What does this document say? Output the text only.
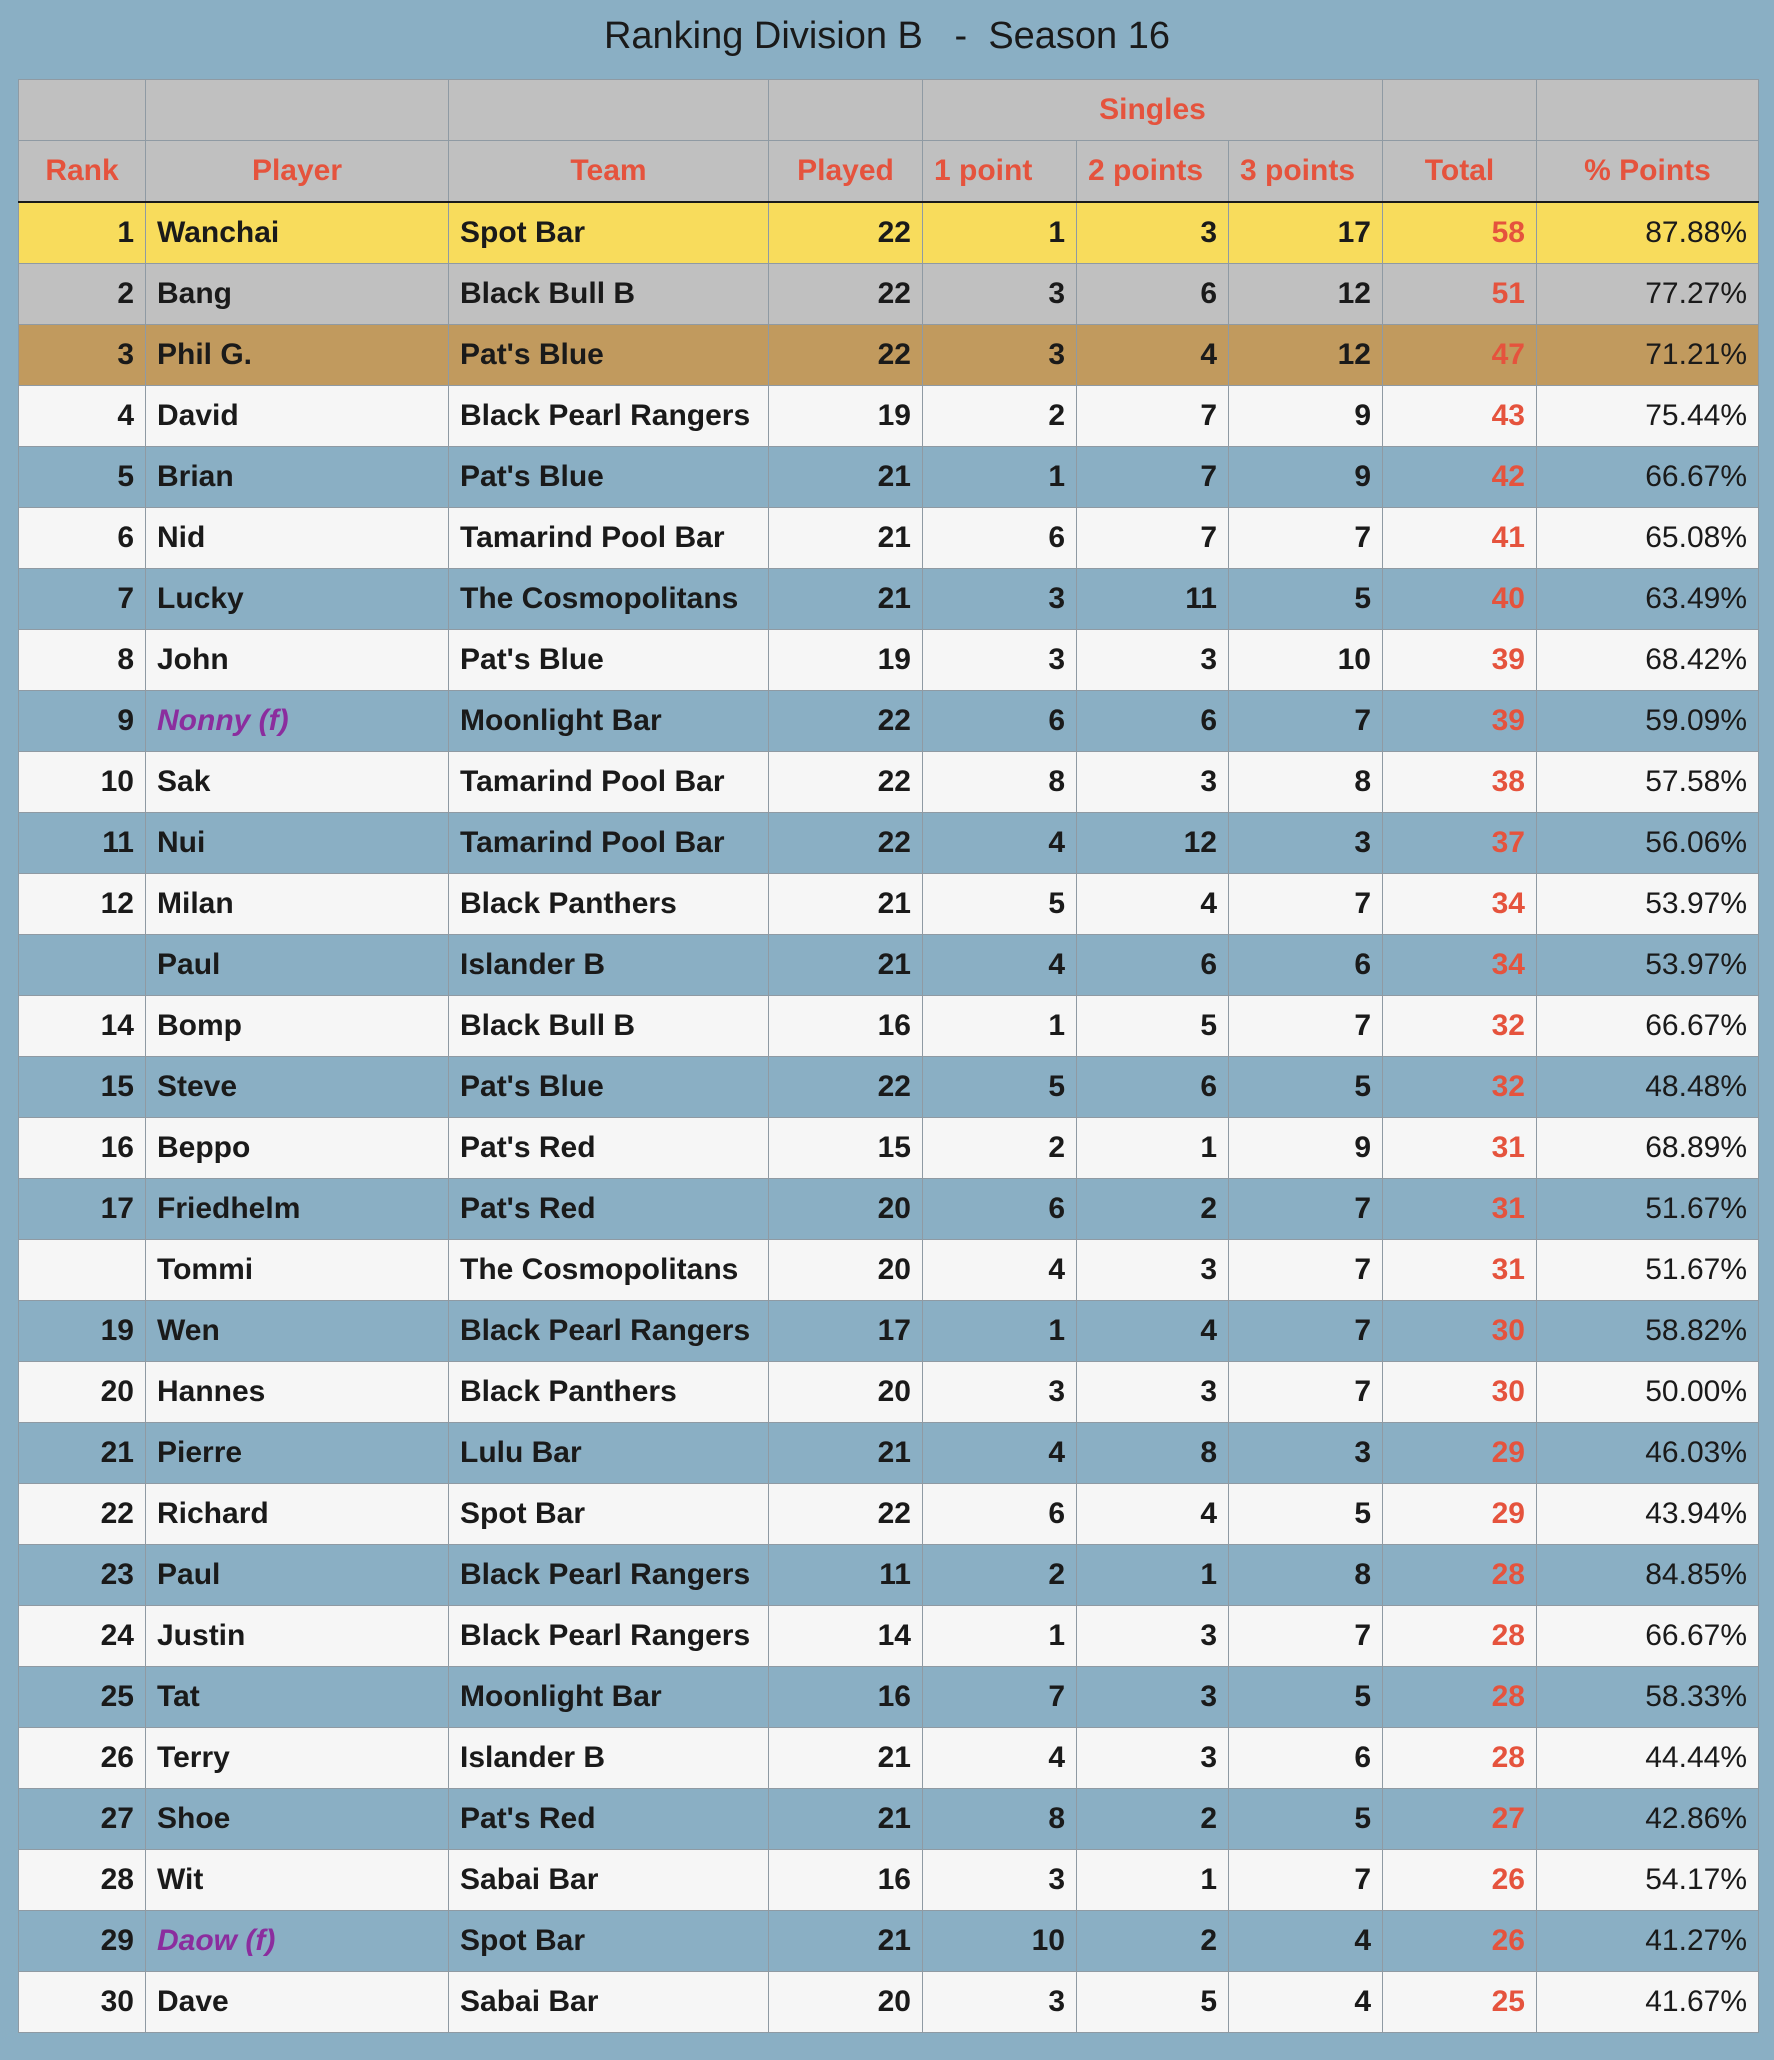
Ranking Division B   -  Season 16
				Singles				
Rank	Player	Team	Played	1 point	2 points	3 points	Total	% Points
1	Wanchai	Spot Bar	22	1	3	17	58	87.88%
2	Bang	Black Bull B	22	3	6	12	51	77.27%
3	Phil G.	Pat's Blue	22	3	4	12	47	71.21%
4	David	Black Pearl Rangers	19	2	7	9	43	75.44%
5	Brian	Pat's Blue	21	1	7	9	42	66.67%
6	Nid	Tamarind Pool Bar	21	6	7	7	41	65.08%
7	Lucky	The Cosmopolitans	21	3	11	5	40	63.49%
8	John	Pat's Blue	19	3	3	10	39	68.42%
9	Nonny (f)	Moonlight Bar	22	6	6	7	39	59.09%
10	Sak	Tamarind Pool Bar	22	8	3	8	38	57.58%
11	Nui	Tamarind Pool Bar	22	4	12	3	37	56.06%
12	Milan	Black Panthers	21	5	4	7	34	53.97%
	Paul	Islander B	21	4	6	6	34	53.97%
14	Bomp	Black Bull B	16	1	5	7	32	66.67%
15	Steve	Pat's Blue	22	5	6	5	32	48.48%
16	Beppo	Pat's Red	15	2	1	9	31	68.89%
17	Friedhelm	Pat's Red	20	6	2	7	31	51.67%
	Tommi	The Cosmopolitans	20	4	3	7	31	51.67%
19	Wen	Black Pearl Rangers	17	1	4	7	30	58.82%
20	Hannes	Black Panthers	20	3	3	7	30	50.00%
21	Pierre	Lulu Bar	21	4	8	3	29	46.03%
22	Richard	Spot Bar	22	6	4	5	29	43.94%
23	Paul	Black Pearl Rangers	11	2	1	8	28	84.85%
24	Justin	Black Pearl Rangers	14	1	3	7	28	66.67%
25	Tat	Moonlight Bar	16	7	3	5	28	58.33%
26	Terry	Islander B	21	4	3	6	28	44.44%
27	Shoe	Pat's Red	21	8	2	5	27	42.86%
28	Wit	Sabai Bar	16	3	1	7	26	54.17%
29	Daow (f)	Spot Bar	21	10	2	4	26	41.27%
30	Dave	Sabai Bar	20	3	5	4	25	41.67%
